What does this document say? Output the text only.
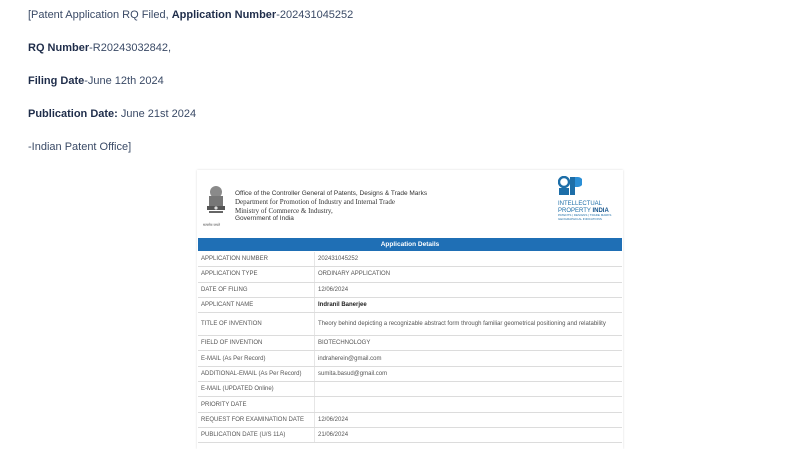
[Patent Application RQ Filed, Application Number-202431045252
RQ Number-R20243032842,
Filing Date-June 12th 2024
Publication Date: June 21st 2024
-Indian Patent Office]
सत्यमेव जयते
Office of the Controller General of Patents, Designs & Trade Marks
Department for Promotion of Industry and Internal Trade
Ministry of Commerce & Industry,
Government of India
INTELLECTUAL
PROPERTY INDIA
PATENTS | DESIGNS | TRADE MARKS
GEOGRAPHICAL INDICATIONS
Application Details
APPLICATION NUMBER	202431045252
APPLICATION TYPE	ORDINARY APPLICATION
DATE OF FILING	12/06/2024
APPLICANT NAME	Indranil Banerjee
TITLE OF INVENTION	Theory behind depicting a recognizable abstract form through familiar geometrical positioning and relatability
FIELD OF INVENTION	BIOTECHNOLOGY
E-MAIL (As Per Record)	indraherein@gmail.com
ADDITIONAL-EMAIL (As Per Record)	sumita.basud@gmail.com
E-MAIL (UPDATED Online)	
PRIORITY DATE	
REQUEST FOR EXAMINATION DATE	12/06/2024
PUBLICATION DATE (U/S 11A)	21/06/2024
